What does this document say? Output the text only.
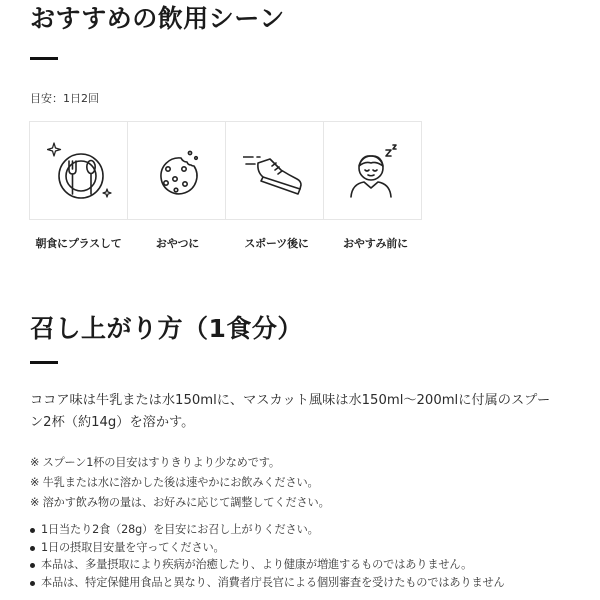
おすすめの飲用シーン
目安：1日2回
朝食にプラスして	おやつに	スポーツ後に	おやすみ前に
召し上がり方（1食分）

ココア味は牛乳または水150mlに、マスカット風味は水150ml〜200mlに付属のスプー
ン2杯（約14g）を溶かす。

※ スプーン1杯の目安はすりきりより少なめです。
※ 牛乳または水に溶かした後は速やかにお飲みください。
※ 溶かす飲み物の量は、お好みに応じて調整してください。
1日当たり2食（28g）を目安にお召し上がりください。
1日の摂取目安量を守ってください。
本品は、多量摂取により疾病が治癒したり、より健康が増進するものではありません。
本品は、特定保健用食品と異なり、消費者庁長官による個別審査を受けたものではありません
